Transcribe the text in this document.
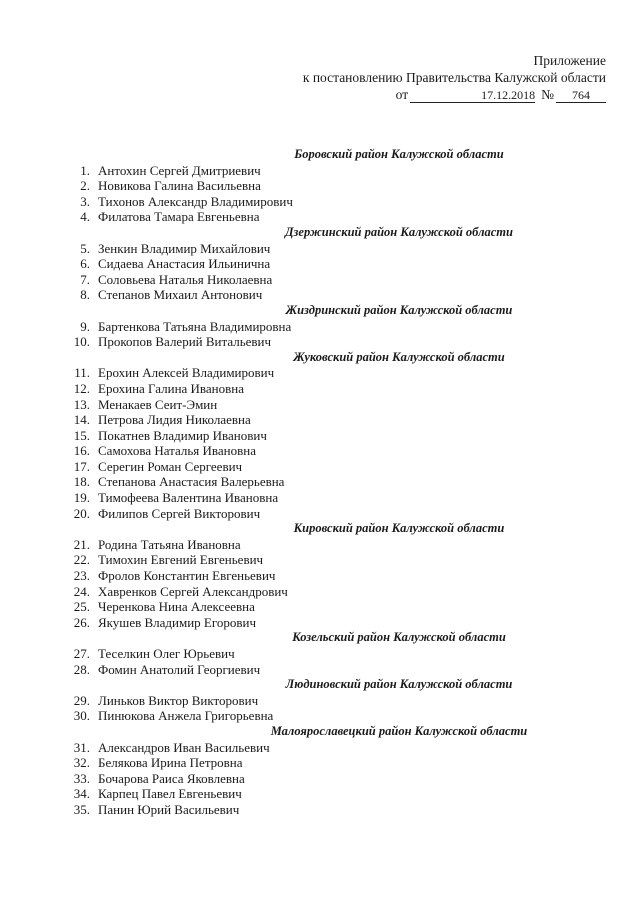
Приложение
к постановлению Правительства Калужской области
от	17.12.2018 №	764
Боровский район Калужской области
1. Антохин Сергей Дмитриевич
2. Новикова Галина Васильевна
3. Тихонов Александр Владимирович
4. Филатова Тамара Евгеньевна
Дзержинский район Калужской области
5. Зенкин Владимир Михайлович
6. Сидаева Анастасия Ильинична
7. Соловьева Наталья Николаевна
8. Степанов Михаил Антонович
Жиздринский район Калужской области
9. Бартенкова Татьяна Владимировна
10. Прокопов Валерий Витальевич
Жуковский район Калужской области
11. Ерохин Алексей Владимирович
12. Ерохина Галина Ивановна
13. Менакаев Сеит-Эмин
14. Петрова Лидия Николаевна
15. Покатнев Владимир Иванович
16. Самохова Наталья Ивановна
17. Серегин Роман Сергеевич
18. Степанова Анастасия Валерьевна
19. Тимофеева Валентина Ивановна
20. Филипов Сергей Викторович
Кировский район Калужской области
21. Родина Татьяна Ивановна
22. Тимохин Евгений Евгеньевич
23. Фролов Константин Евгеньевич
24. Хавренков Сергей Александрович
25. Черенкова Нина Алексеевна
26. Якушев Владимир Егорович
Козельский район Калужской области
27. Теселкин Олег Юрьевич
28. Фомин Анатолий Георгиевич
Людиновский район Калужской области
29. Линьков Виктор Викторович
30. Пинюкова Анжела Григорьевна
Малоярославецкий район Калужской области
31. Александров Иван Васильевич
32. Белякова Ирина Петровна
33. Бочарова Раиса Яковлевна
34. Карпец Павел Евгеньевич
35. Панин Юрий Васильевич
